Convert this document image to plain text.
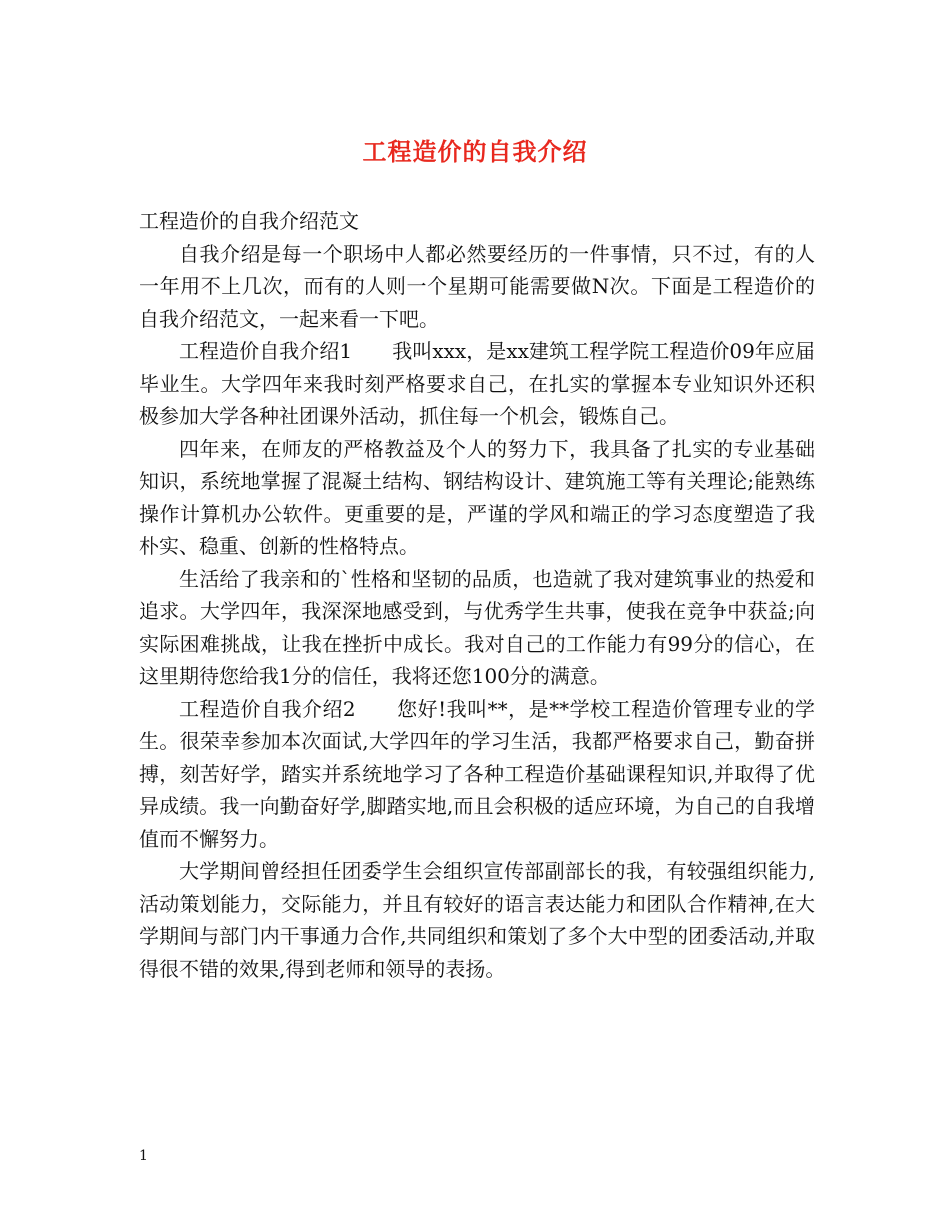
工程造价的自我介绍

工程造价的自我介绍范文

自我介绍是每一个职场中人都必然要经历的一件事情，只不过，有的人一年用不上几次，而有的人则一个星期可能需要做N次。下面是工程造价的自我介绍范文，一起来看一下吧。

工程造价自我介绍1　　我叫xxx，是xx建筑工程学院工程造价09年应届毕业生。大学四年来我时刻严格要求自己，在扎实的掌握本专业知识外还积极参加大学各种社团课外活动，抓住每一个机会，锻炼自己。

四年来，在师友的严格教益及个人的努力下，我具备了扎实的专业基础知识，系统地掌握了混凝土结构、钢结构设计、建筑施工等有关理论;能熟练操作计算机办公软件。更重要的是，严谨的学风和端正的学习态度塑造了我朴实、稳重、创新的性格特点。

生活给了我亲和的`性格和坚韧的品质，也造就了我对建筑事业的热爱和追求。大学四年，我深深地感受到，与优秀学生共事，使我在竞争中获益;向实际困难挑战，让我在挫折中成长。我对自己的工作能力有99分的信心，在这里期待您给我1分的信任，我将还您100分的满意。

工程造价自我介绍2　　您好!我叫**，是**学校工程造价管理专业的学生。很荣幸参加本次面试,大学四年的学习生活，我都严格要求自己，勤奋拼搏，刻苦好学，踏实并系统地学习了各种工程造价基础课程知识,并取得了优异成绩。我一向勤奋好学,脚踏实地,而且会积极的适应环境，为自己的自我增值而不懈努力。

大学期间曾经担任团委学生会组织宣传部副部长的我，有较强组织能力,活动策划能力，交际能力，并且有较好的语言表达能力和团队合作精神,在大学期间与部门内干事通力合作,共同组织和策划了多个大中型的团委活动,并取得很不错的效果,得到老师和领导的表扬。

1
